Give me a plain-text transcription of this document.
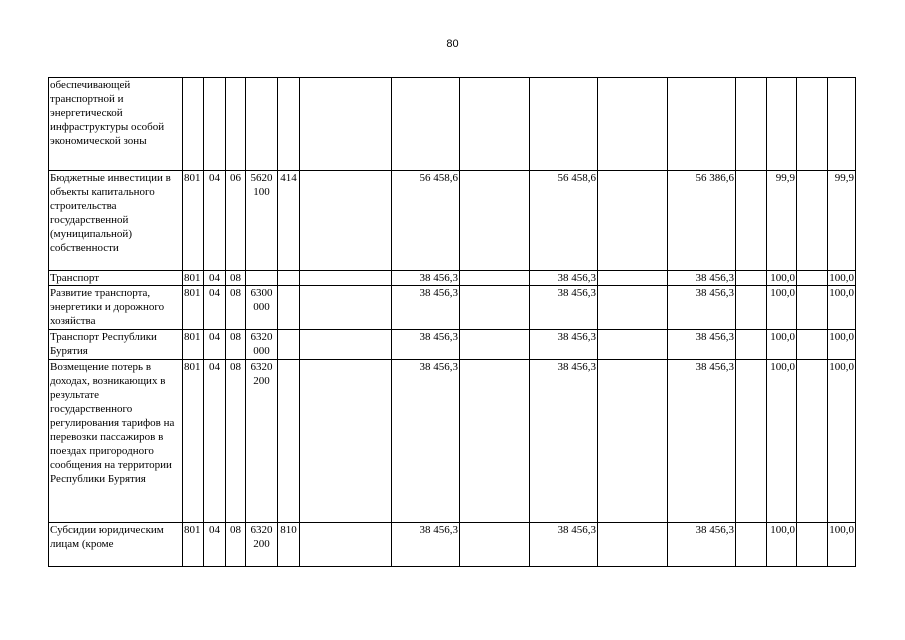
80
обеспечивающей транспортной и энергетической инфраструктуры особой экономической зоны															
Бюджетные инвестиции в объекты капитального строительства государственной (муниципальной) собственности	801	04	06	5620 100	414		56 458,6		56 458,6		56 386,6		99,9		99,9
Транспорт	801	04	08				38 456,3		38 456,3		38 456,3		100,0		100,0
Развитие транспорта, энергетики и дорожного хозяйства	801	04	08	6300 000			38 456,3		38 456,3		38 456,3		100,0		100,0
Транспорт Республики Бурятия	801	04	08	6320 000			38 456,3		38 456,3		38 456,3		100,0		100,0
Возмещение потерь в доходах, возникающих в результате государственного регулирования тарифов на перевозки пассажиров в поездах пригородного сообщения на территории Республики Бурятия	801	04	08	6320 200			38 456,3		38 456,3		38 456,3		100,0		100,0
Субсидии юридическим лицам (кроме	801	04	08	6320 200	810		38 456,3		38 456,3		38 456,3		100,0		100,0
